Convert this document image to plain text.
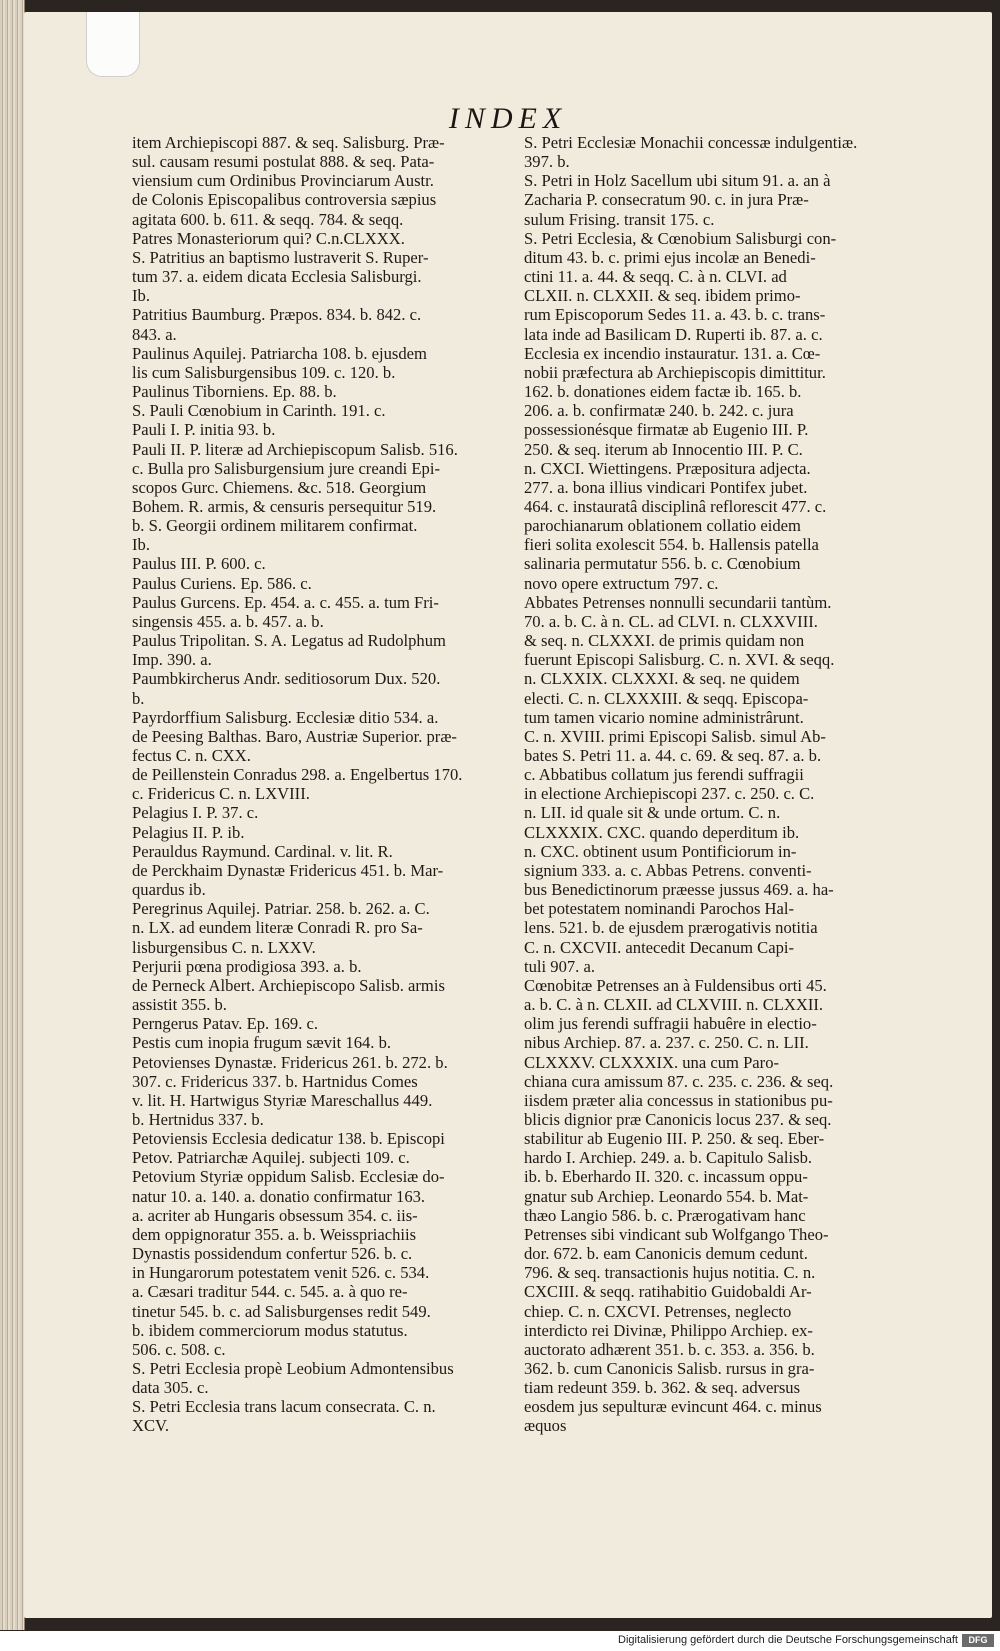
INDEX
item Archiepiscopi 887. & seq. Salisburg. Præ-
sul. causam resumi postulat 888. & seq. Pata-
viensium cum Ordinibus Provinciarum Austr.
de Colonis Episcopalibus controversia sæpius
agitata 600. b. 611. & seqq. 784. & seqq.
Patres Monasteriorum qui? C.n.CLXXX.
S. Patritius an baptismo lustraverit S. Ruper-
tum 37. a. eidem dicata Ecclesia Salisburgi.
Ib.
Patritius Baumburg. Præpos. 834. b. 842. c.
843. a.
Paulinus Aquilej. Patriarcha 108. b. ejusdem
lis cum Salisburgensibus 109. c. 120. b.
Paulinus Tiborniens. Ep. 88. b.
S. Pauli Cœnobium in Carinth. 191. c.
Pauli I. P. initia 93. b.
Pauli II. P. literæ ad Archiepiscopum Salisb. 516.
c. Bulla pro Salisburgensium jure creandi Epi-
scopos Gurc. Chiemens. &c. 518. Georgium
Bohem. R. armis, & censuris persequitur 519.
b. S. Georgii ordinem militarem confirmat.
Ib.
Paulus III. P. 600. c.
Paulus Curiens. Ep. 586. c.
Paulus Gurcens. Ep. 454. a. c. 455. a. tum Fri-
singensis 455. a. b. 457. a. b.
Paulus Tripolitan. S. A. Legatus ad Rudolphum
Imp. 390. a.
Paumbkircherus Andr. seditiosorum Dux. 520.
b.
Payrdorffium Salisburg. Ecclesiæ ditio 534. a.
de Peesing Balthas. Baro, Austriæ Superior. præ-
fectus C. n. CXX.
de Peillenstein Conradus 298. a. Engelbertus 170.
c. Fridericus C. n. LXVIII.
Pelagius I. P. 37. c.
Pelagius II. P. ib.
Perauldus Raymund. Cardinal. v. lit. R.
de Perckhaim Dynastæ Fridericus 451. b. Mar-
quardus ib.
Peregrinus Aquilej. Patriar. 258. b. 262. a. C.
n. LX. ad eundem literæ Conradi R. pro Sa-
lisburgensibus C. n. LXXV.
Perjurii pœna prodigiosa 393. a. b.
de Perneck Albert. Archiepiscopo Salisb. armis
assistit 355. b.
Perngerus Patav. Ep. 169. c.
Pestis cum inopia frugum sævit 164. b.
Petovienses Dynastæ. Fridericus 261. b. 272. b.
307. c. Fridericus 337. b. Hartnidus Comes
v. lit. H. Hartwigus Styriæ Mareschallus 449.
b. Hertnidus 337. b.
Petoviensis Ecclesia dedicatur 138. b. Episcopi
Petov. Patriarchæ Aquilej. subjecti 109. c.
Petovium Styriæ oppidum Salisb. Ecclesiæ do-
natur 10. a. 140. a. donatio confirmatur 163.
a. acriter ab Hungaris obsessum 354. c. iis-
dem oppignoratur 355. a. b. Weisspriachiis
Dynastis possidendum confertur 526. b. c.
in Hungarorum potestatem venit 526. c. 534.
a. Cæsari traditur 544. c. 545. a. à quo re-
tinetur 545. b. c. ad Salisburgenses redit 549.
b. ibidem commerciorum modus statutus.
506. c. 508. c.
S. Petri Ecclesia propè Leobium Admontensibus
data 305. c.
S. Petri Ecclesia trans lacum consecrata. C. n.
XCV.
S. Petri Ecclesiæ Monachii concessæ indulgentiæ.
397. b.
S. Petri in Holz Sacellum ubi situm 91. a. an à
Zacharia P. consecratum 90. c. in jura Præ-
sulum Frising. transit 175. c.
S. Petri Ecclesia, & Cœnobium Salisburgi con-
ditum 43. b. c. primi ejus incolæ an Benedi-
ctini 11. a. 44. & seqq. C. à n. CLVI. ad
CLXII. n. CLXXII. & seq. ibidem primo-
rum Episcoporum Sedes 11. a. 43. b. c. trans-
lata inde ad Basilicam D. Ruperti ib. 87. a. c.
Ecclesia ex incendio instauratur. 131. a. Cœ-
nobii præfectura ab Archiepiscopis dimittitur.
162. b. donationes eidem factæ ib. 165. b.
206. a. b. confirmatæ 240. b. 242. c. jura
possessionésque firmatæ ab Eugenio III. P.
250. & seq. iterum ab Innocentio III. P. C.
n. CXCI. Wiettingens. Præpositura adjecta.
277. a. bona illius vindicari Pontifex jubet.
464. c. instauratâ disciplinâ reflorescit 477. c.
parochianarum oblationem collatio eidem
fieri solita exolescit 554. b. Hallensis patella
salinaria permutatur 556. b. c. Cœnobium
novo opere extructum 797. c.
Abbates Petrenses nonnulli secundarii tantùm.
70. a. b. C. à n. CL. ad CLVI. n. CLXXVIII.
& seq. n. CLXXXI. de primis quidam non
fuerunt Episcopi Salisburg. C. n. XVI. & seqq.
n. CLXXIX. CLXXXI. & seq. ne quidem
electi. C. n. CLXXXIII. & seqq. Episcopa-
tum tamen vicario nomine administrârunt.
C. n. XVIII. primi Episcopi Salisb. simul Ab-
bates S. Petri 11. a. 44. c. 69. & seq. 87. a. b.
c. Abbatibus collatum jus ferendi suffragii
in electione Archiepiscopi 237. c. 250. c. C.
n. LII. id quale sit & unde ortum. C. n.
CLXXXIX. CXC. quando deperditum ib.
n. CXC. obtinent usum Pontificiorum in-
signium 333. a. c. Abbas Petrens. conventi-
bus Benedictinorum præesse jussus 469. a. ha-
bet potestatem nominandi Parochos Hal-
lens. 521. b. de ejusdem prærogativis notitia
C. n. CXCVII. antecedit Decanum Capi-
tuli 907. a.
Cœnobitæ Petrenses an à Fuldensibus orti 45.
a. b. C. à n. CLXII. ad CLXVIII. n. CLXXII.
olim jus ferendi suffragii habuêre in electio-
nibus Archiep. 87. a. 237. c. 250. C. n. LII.
CLXXXV. CLXXXIX. una cum Paro-
chiana cura amissum 87. c. 235. c. 236. & seq.
iisdem præter alia concessus in stationibus pu-
blicis dignior præ Canonicis locus 237. & seq.
stabilitur ab Eugenio III. P. 250. & seq. Eber-
hardo I. Archiep. 249. a. b. Capitulo Salisb.
ib. b. Eberhardo II. 320. c. incassum oppu-
gnatur sub Archiep. Leonardo 554. b. Mat-
thæo Langio 586. b. c. Prærogativam hanc
Petrenses sibi vindicant sub Wolfgango Theo-
dor. 672. b. eam Canonicis demum cedunt.
796. & seq. transactionis hujus notitia. C. n.
CXCIII. & seqq. ratihabitio Guidobaldi Ar-
chiep. C. n. CXCVI. Petrenses, neglecto
interdicto rei Divinæ, Philippo Archiep. ex-
auctorato adhærent 351. b. c. 353. a. 356. b.
362. b. cum Canonicis Salisb. rursus in gra-
tiam redeunt 359. b. 362. & seq. adversus
eosdem jus sepulturæ evincunt 464. c. minus
æquos
Digitalisierung gefördert durch die Deutsche Forschungsgemeinschaft	DFG
